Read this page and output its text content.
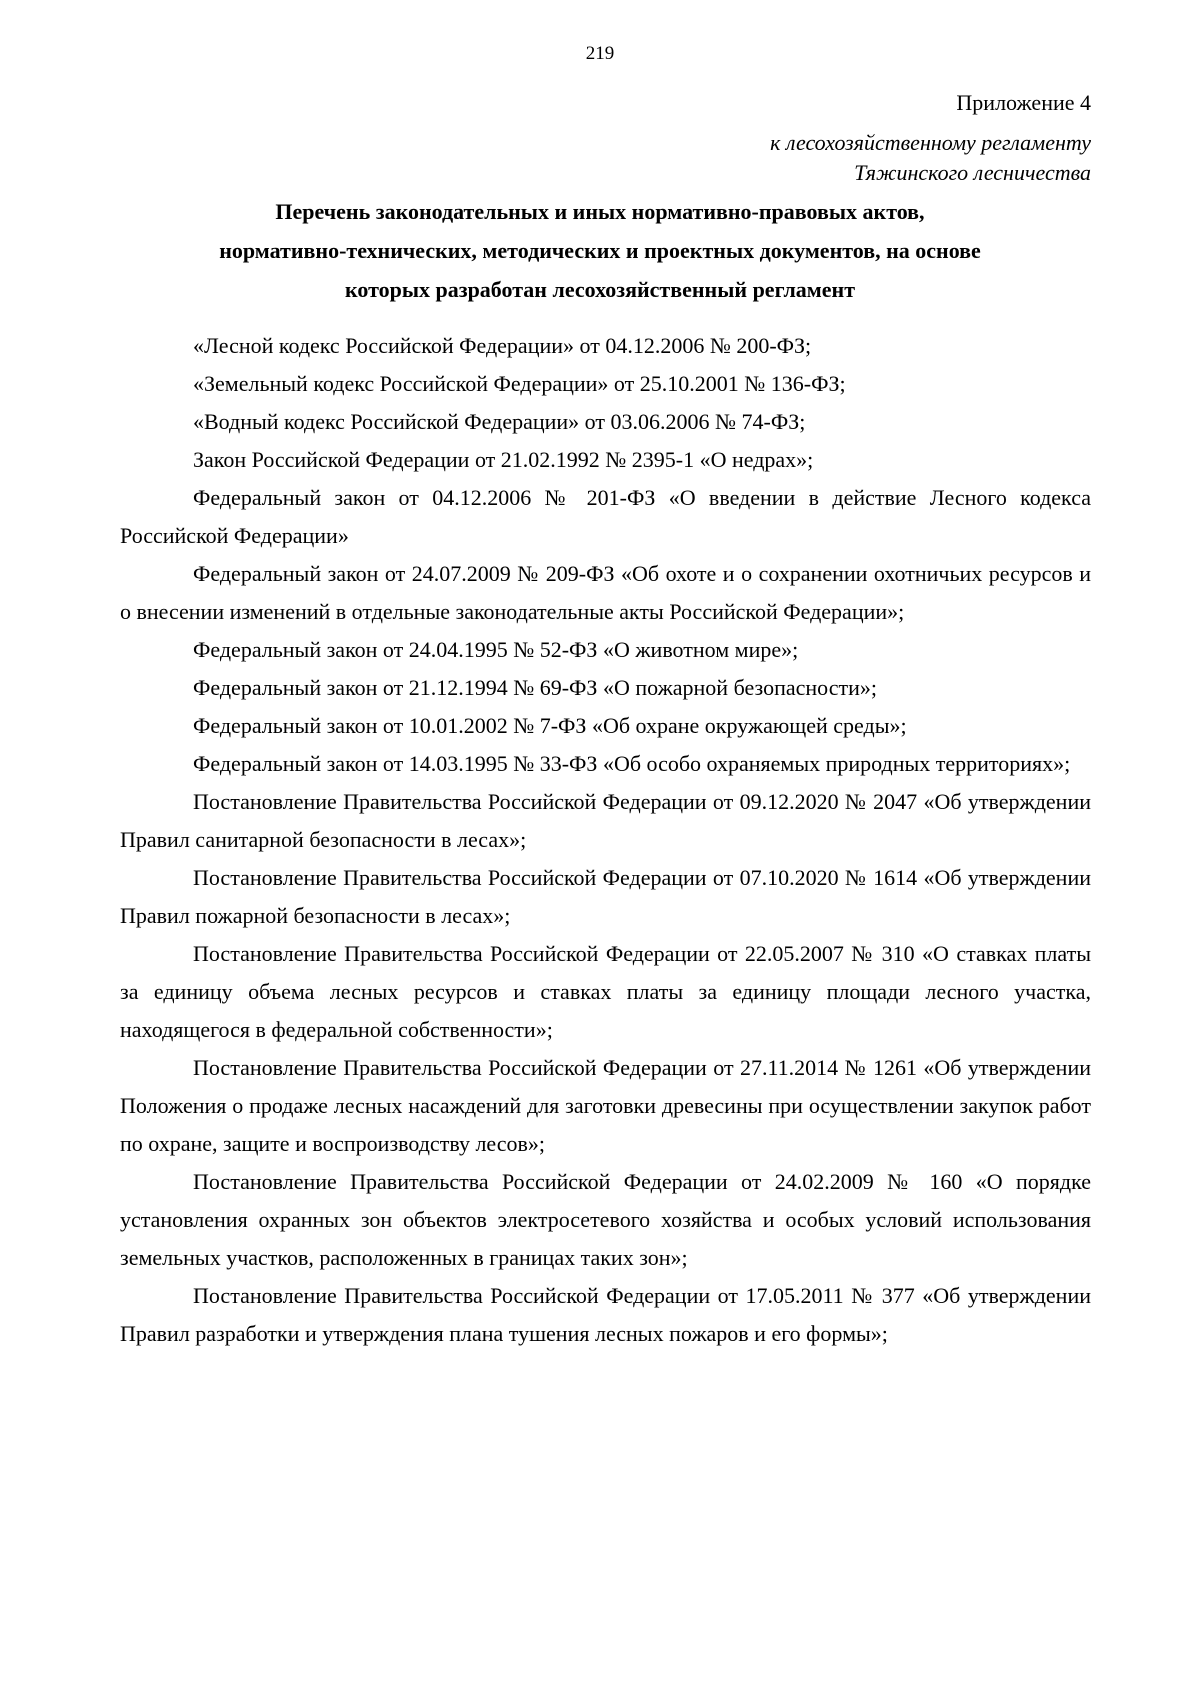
219
Приложение 4
к лесохозяйственному регламенту
Тяжинского лесничества
Перечень законодательных и иных нормативно-правовых актов,
нормативно-технических, методических и проектных документов, на основе
которых разработан лесохозяйственный регламент

«Лесной кодекс Российской Федерации» от 04.12.2006 № 200-ФЗ;

«Земельный кодекс Российской Федерации» от 25.10.2001 № 136-ФЗ;

«Водный кодекс Российской Федерации» от 03.06.2006 № 74-ФЗ;

Закон Российской Федерации от 21.02.1992 № 2395-1 «О недрах»;

Федеральный закон от 04.12.2006 № 201-ФЗ «О введении в действие Лесного кодекса Российской Федерации»

Федеральный закон от 24.07.2009 № 209-ФЗ «Об охоте и о сохранении охотничьих ресурсов и о внесении изменений в отдельные законодательные акты Российской Федерации»;

Федеральный закон от 24.04.1995 № 52-ФЗ «О животном мире»;

Федеральный закон от 21.12.1994 № 69-ФЗ «О пожарной безопасности»;

Федеральный закон от 10.01.2002 № 7-ФЗ «Об охране окружающей среды»;

Федеральный закон от 14.03.1995 № 33-ФЗ «Об особо охраняемых природных территориях»;

Постановление Правительства Российской Федерации от 09.12.2020 № 2047 «Об утверждении Правил санитарной безопасности в лесах»;

Постановление Правительства Российской Федерации от 07.10.2020 № 1614 «Об утверждении Правил пожарной безопасности в лесах»;

Постановление Правительства Российской Федерации от 22.05.2007 № 310 «О ставках платы за единицу объема лесных ресурсов и ставках платы за единицу площади лесного участка, находящегося в федеральной собственности»;

Постановление Правительства Российской Федерации от 27.11.2014 № 1261 «Об утверждении Положения о продаже лесных насаждений для заготовки древесины при осуществлении закупок работ по охране, защите и воспроизводству лесов»;

Постановление Правительства Российской Федерации от 24.02.2009 № 160 «О порядке установления охранных зон объектов электросетевого хозяйства и особых условий использования земельных участков, расположенных в границах таких зон»;

Постановление Правительства Российской Федерации от 17.05.2011 № 377 «Об утверждении Правил разработки и утверждения плана тушения лесных пожаров и его формы»;
